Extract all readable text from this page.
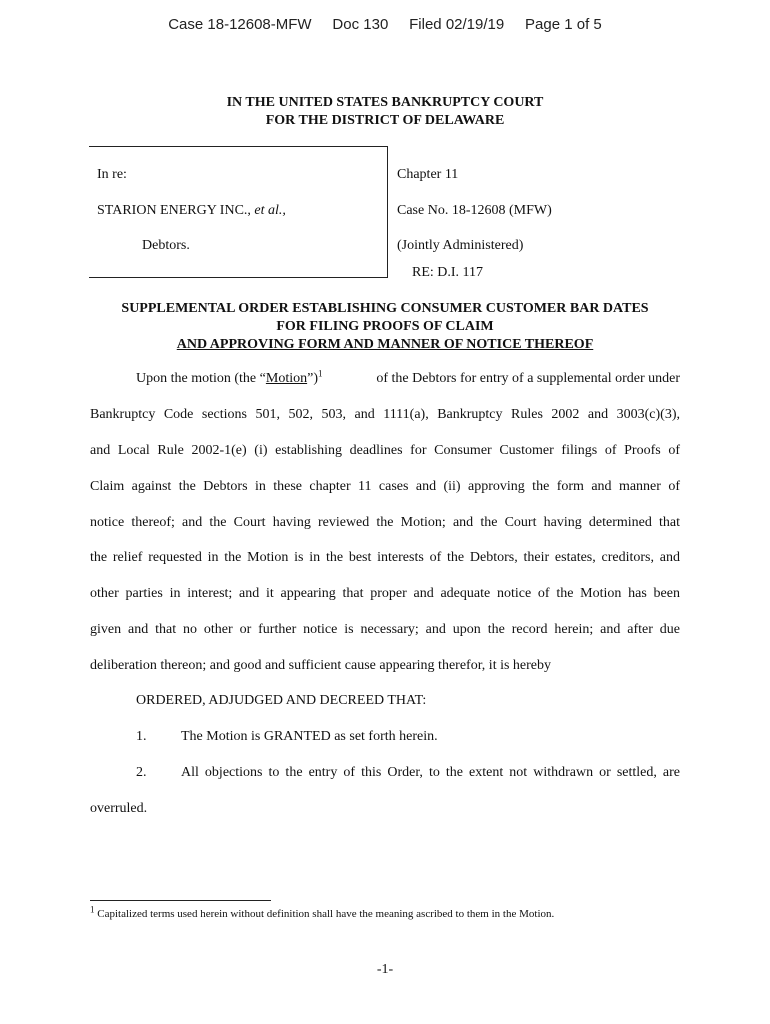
Case 18-12608-MFW     Doc 130     Filed 02/19/19     Page 1 of 5
IN THE UNITED STATES BANKRUPTCY COURT
FOR THE DISTRICT OF DELAWARE
In re:
STARION ENERGY INC., et al.,
Debtors.
Chapter 11
Case No. 18-12608 (MFW)
(Jointly Administered)
RE: D.I. 117
SUPPLEMENTAL ORDER ESTABLISHING CONSUMER CUSTOMER BAR DATES
FOR FILING PROOFS OF CLAIM
AND APPROVING FORM AND MANNER OF NOTICE THEREOF
Upon the motion (the “Motion”)$^1$	of the Debtors for entry of a supplemental order under
Bankruptcy Code sections 501, 502, 503, and 1111(a), Bankruptcy Rules 2002 and 3003(c)(3),
and Local Rule 2002-1(e) (i) establishing deadlines for Consumer Customer filings of Proofs of
Claim against the Debtors in these chapter 11 cases and (ii) approving the form and manner of
notice thereof; and the Court having reviewed the Motion; and the Court having determined that
the relief requested in the Motion is in the best interests of the Debtors, their estates, creditors, and
other parties in interest; and it appearing that proper and adequate notice of the Motion has been
given and that no other or further notice is necessary; and upon the record herein; and after due
deliberation thereon; and good and sufficient cause appearing therefor, it is hereby
ORDERED, ADJUDGED AND DECREED THAT:
1. The Motion is GRANTED as set forth herein.
2. All objections to the entry of this Order, to the extent not withdrawn or settled, are
overruled.
$^1$ Capitalized terms used herein without definition shall have the meaning ascribed to them in the Motion.
-1-
